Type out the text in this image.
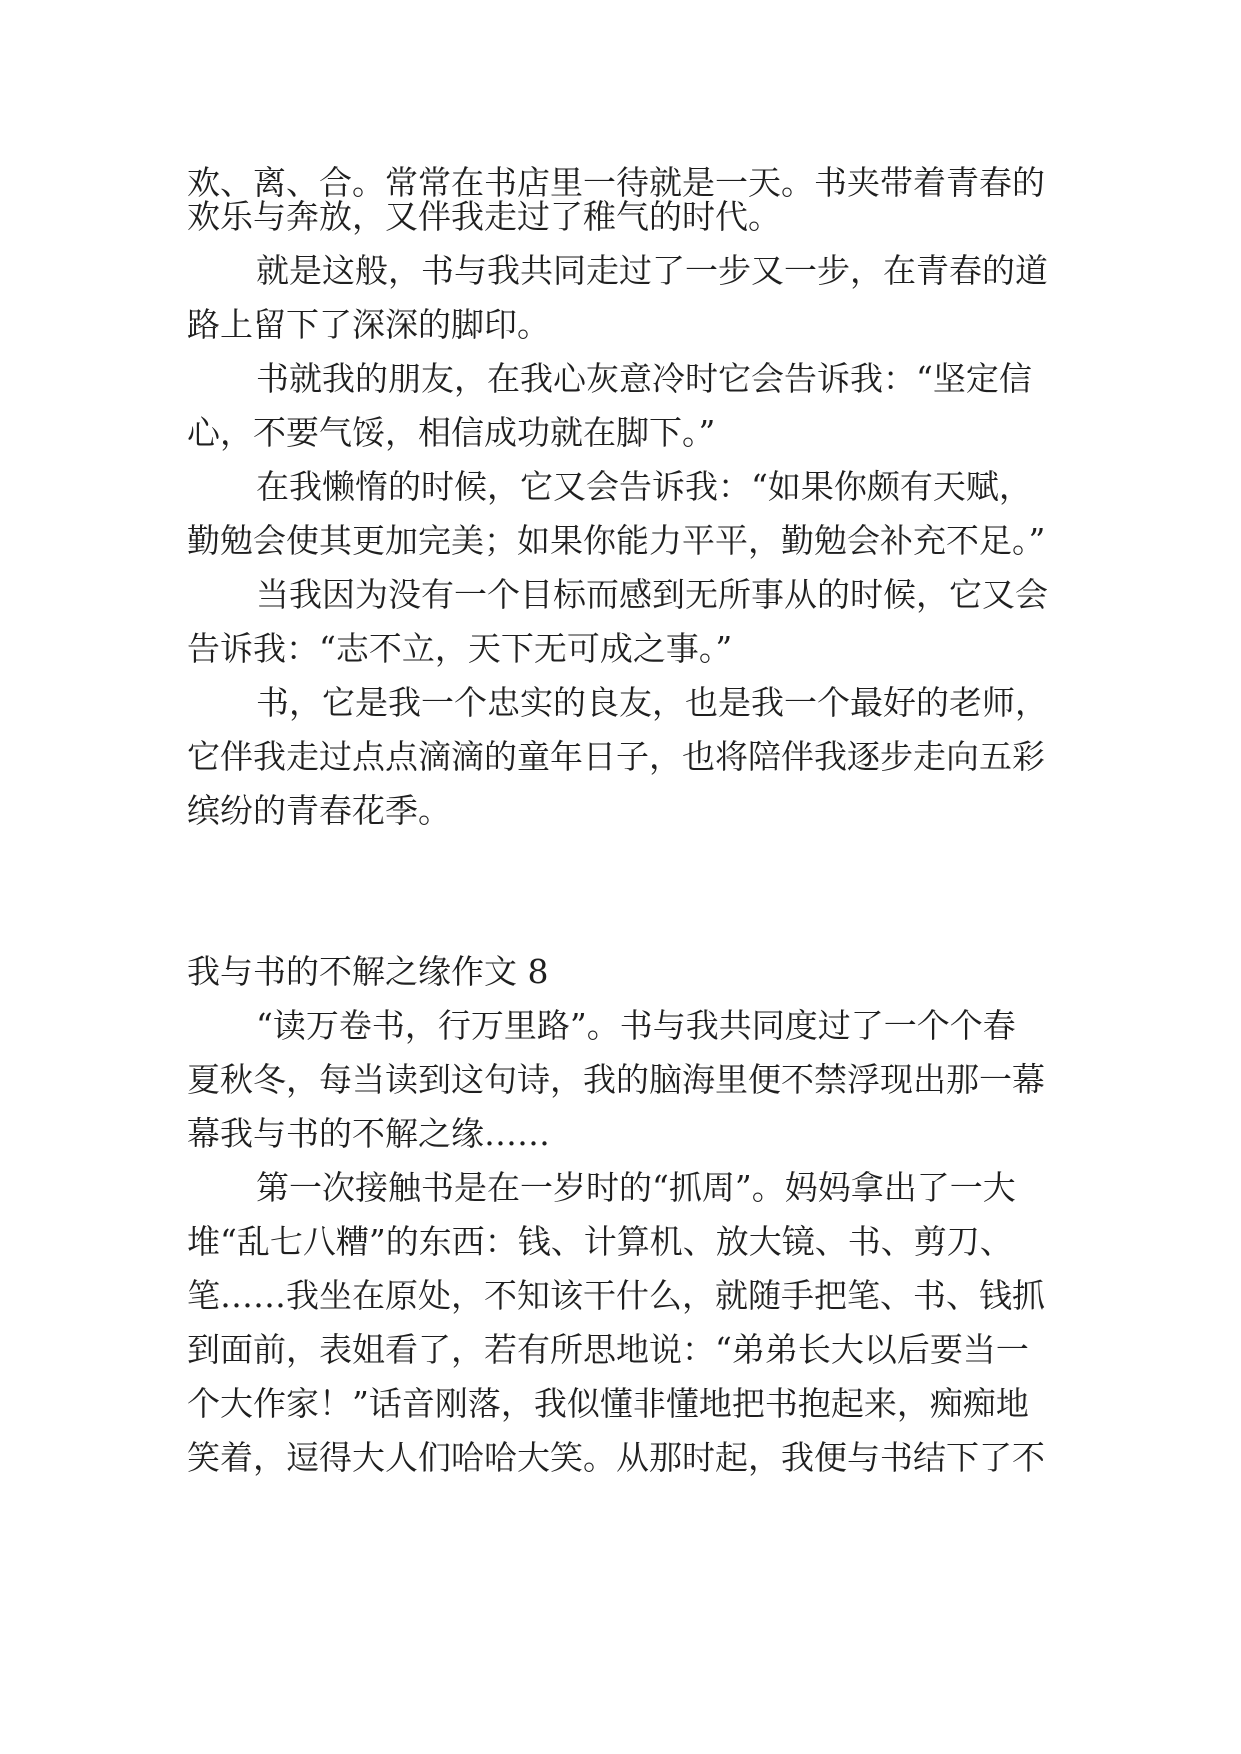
欢、离、合。常常在书店里一待就是一天。书夹带着青春的
欢乐与奔放，又伴我走过了稚气的时代。
就是这般，书与我共同走过了一步又一步，在青春的道
路上留下了深深的脚印。
书就我的朋友，在我心灰意冷时它会告诉我：“坚定信
心，不要气馁，相信成功就在脚下。”
在我懒惰的时候，它又会告诉我：“如果你颇有天赋，
勤勉会使其更加完美；如果你能力平平，勤勉会补充不足。”
当我因为没有一个目标而感到无所事从的时候，它又会
告诉我：“志不立，天下无可成之事。”
书，它是我一个忠实的良友，也是我一个最好的老师，
它伴我走过点点滴滴的童年日子，也将陪伴我逐步走向五彩
缤纷的青春花季。
我与书的不解之缘作文 8
“读万卷书，行万里路”。书与我共同度过了一个个春
夏秋冬，每当读到这句诗，我的脑海里便不禁浮现出那一幕
幕我与书的不解之缘……
第一次接触书是在一岁时的“抓周”。妈妈拿出了一大
堆“乱七八糟”的东西：钱、计算机、放大镜、书、剪刀、
笔……我坐在原处，不知该干什么，就随手把笔、书、钱抓
到面前，表姐看了，若有所思地说：“弟弟长大以后要当一
个大作家！”话音刚落，我似懂非懂地把书抱起来，痴痴地
笑着，逗得大人们哈哈大笑。从那时起，我便与书结下了不
